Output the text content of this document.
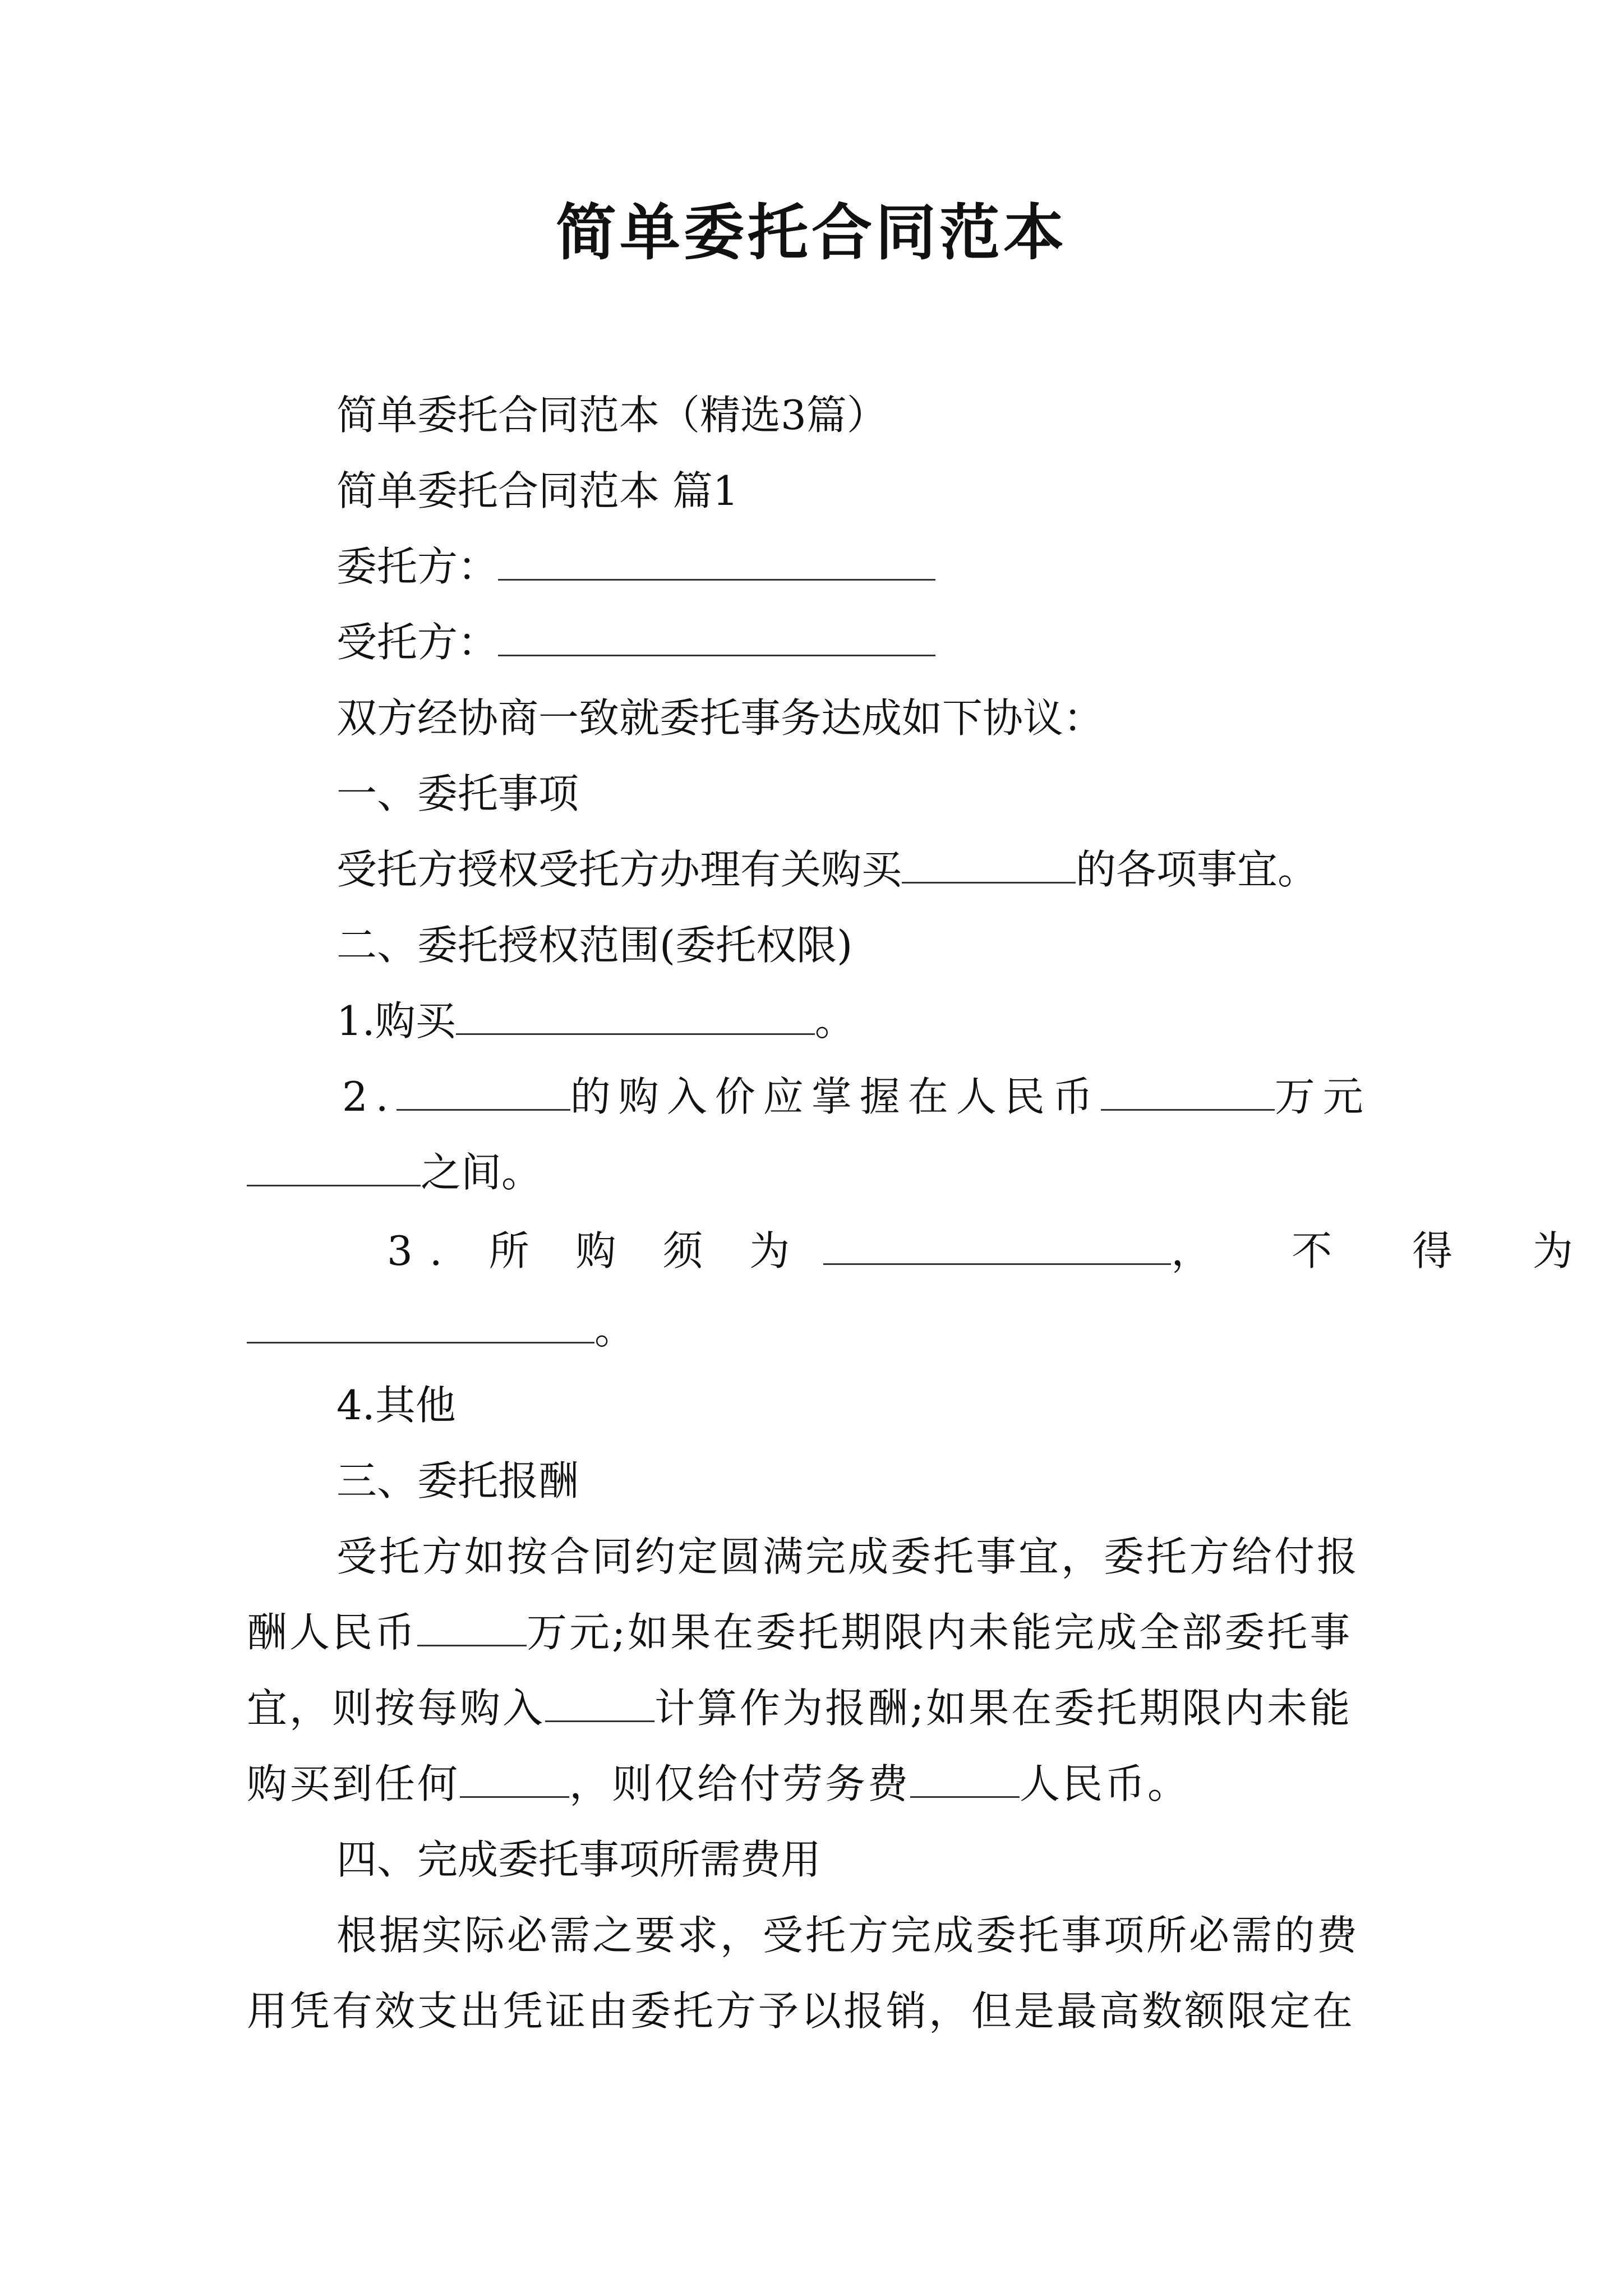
简单委托合同范本
简单委托合同范本（精选3篇）
简单委托合同范本 篇1
委托方：
受托方：
双方经协商一致就委托事务达成如下协议：
一、委托事项
受托方授权受托方办理有关购买	的各项事宜。
二、委托授权范围(委托权限)
1.购买	。
2.	的购入价应掌握在人民币	万元
之间。
3. 所 购 须 为	， 不 得 为
。
4.其他
三、委托报酬
受托方如按合同约定圆满完成委托事宜，委托方给付报
酬人民币	万元;如果在委托期限内未能完成全部委托事
宜，则按每购入	计算作为报酬;如果在委托期限内未能
购买到任何	，则仅给付劳务费	人民币。
四、完成委托事项所需费用
根据实际必需之要求，受托方完成委托事项所必需的费
用凭有效支出凭证由委托方予以报销，但是最高数额限定在
